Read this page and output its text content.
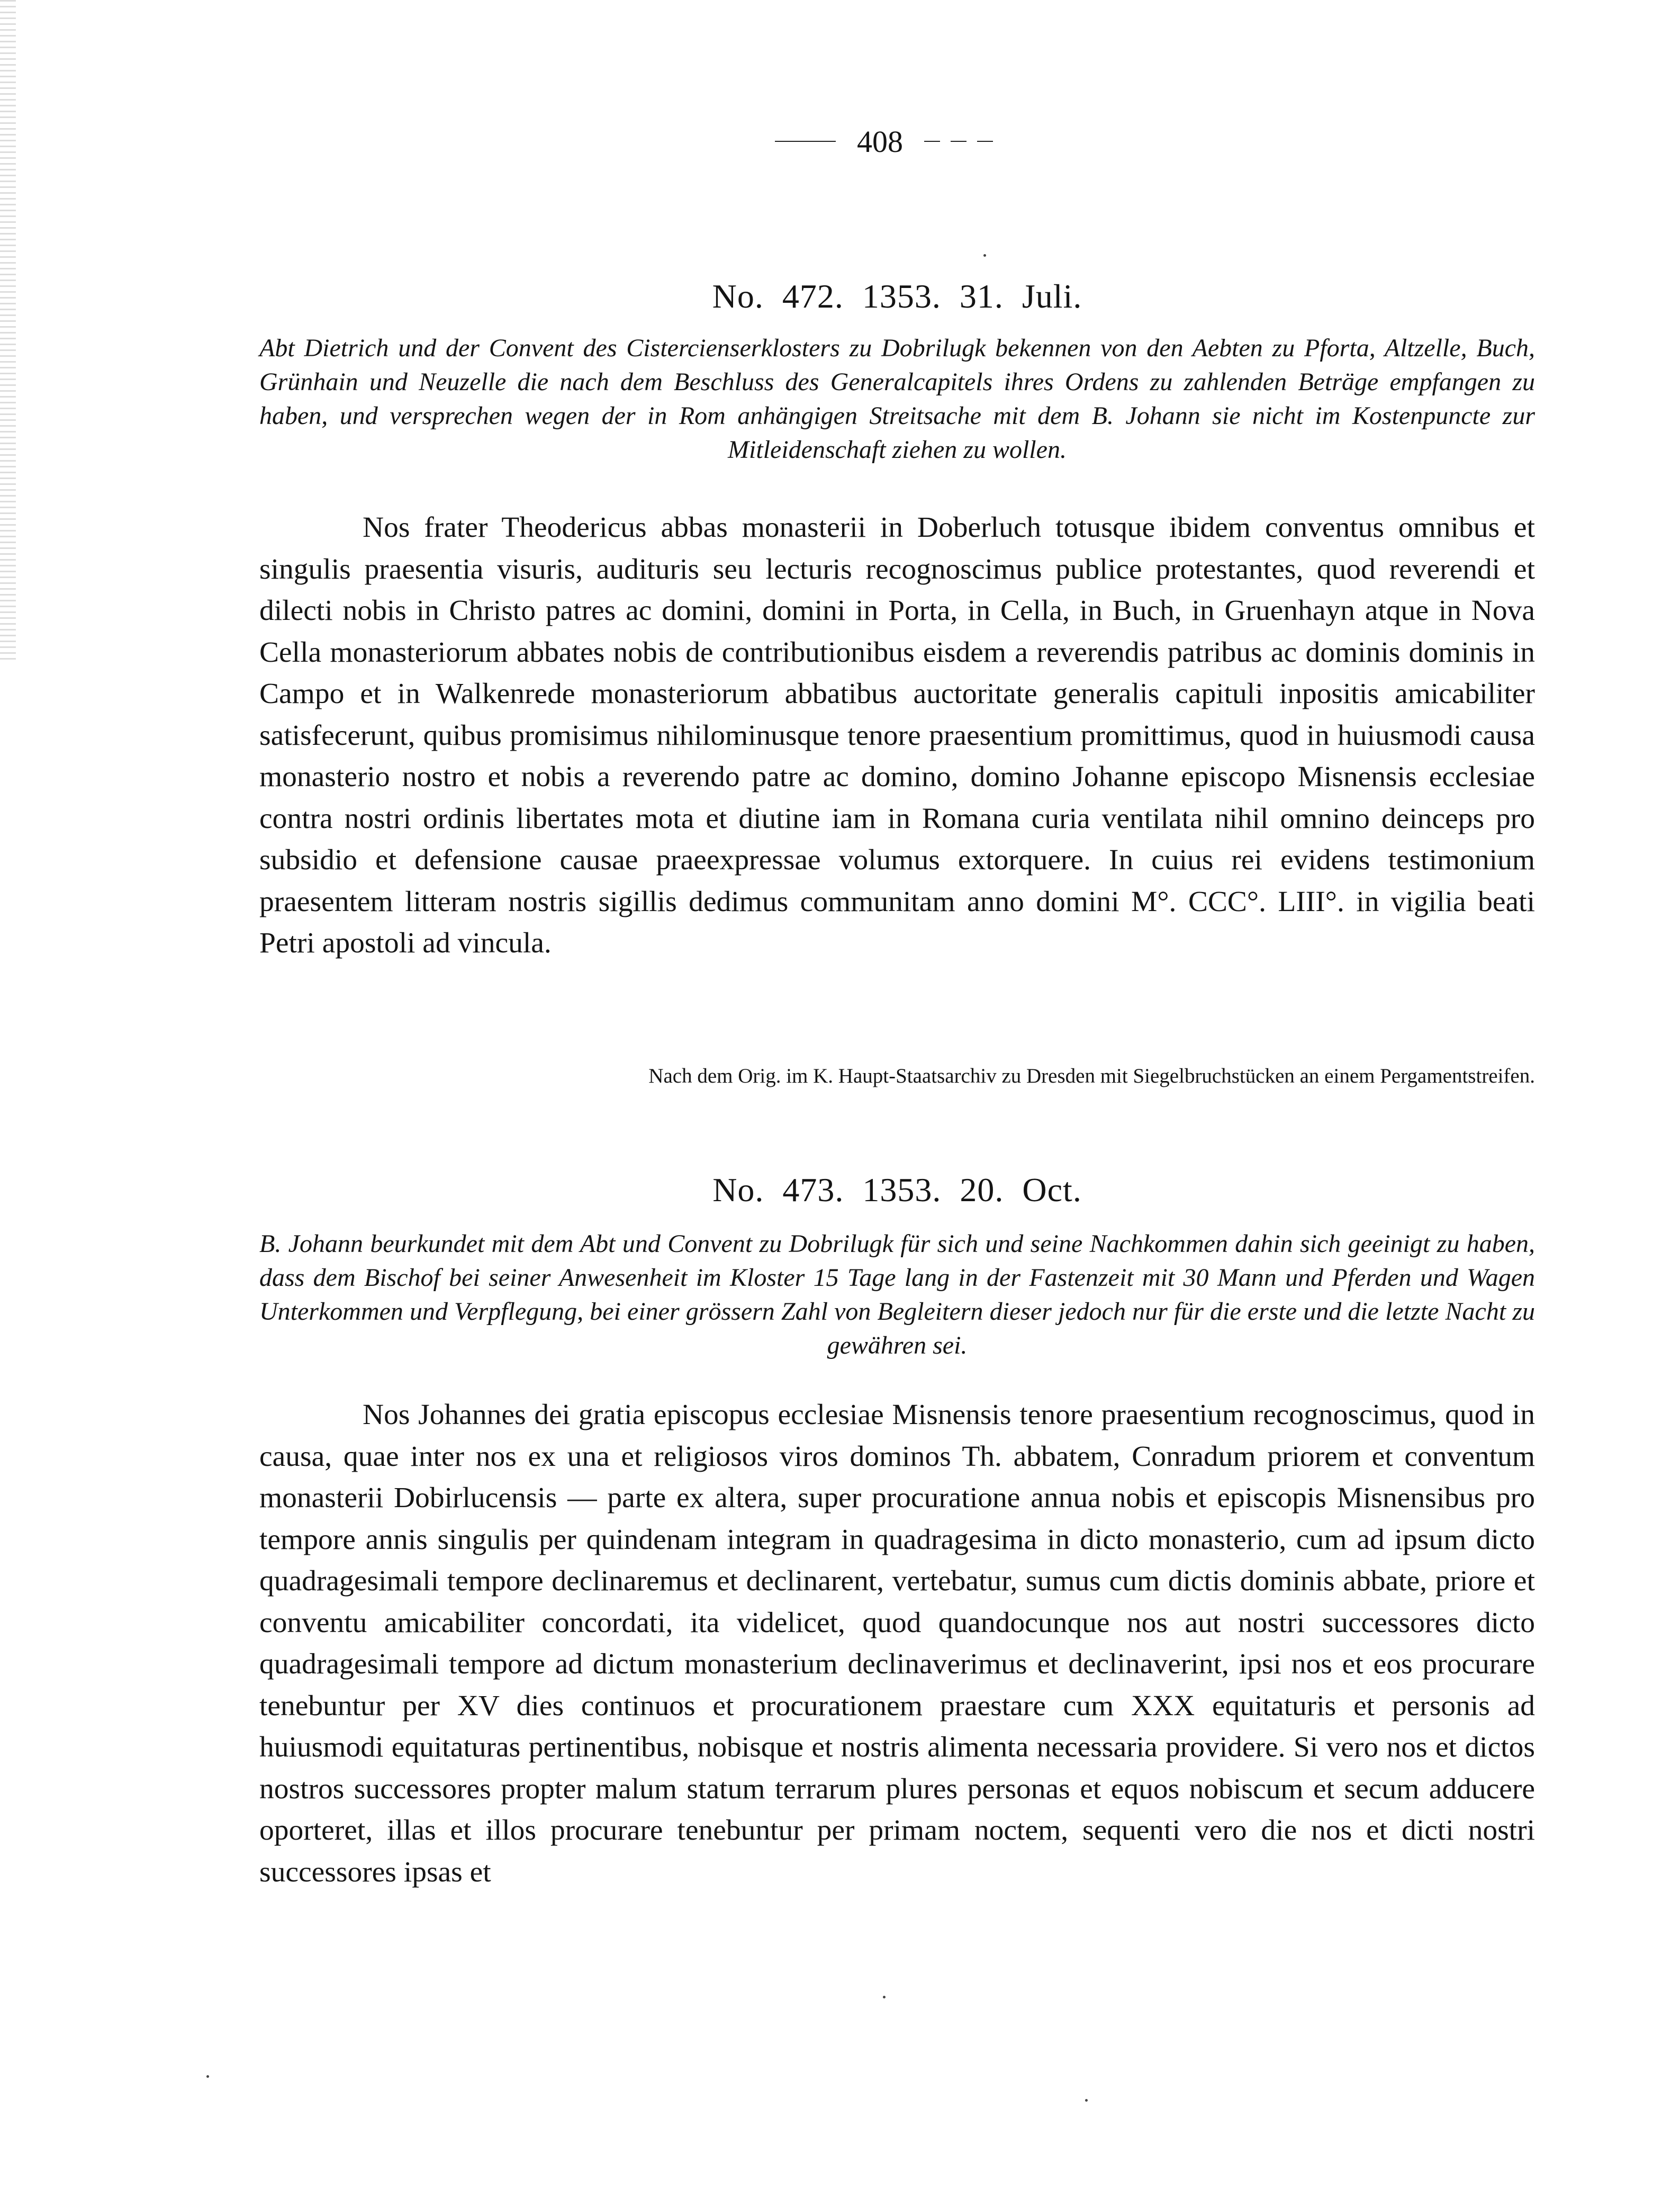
408
No. 472. 1353. 31. Juli.
Abt Dietrich und der Convent des Cistercienserklosters zu Dobrilugk bekennen von den Aebten zu Pforta, Altzelle, Buch, Grünhain und Neuzelle die nach dem Beschluss des Generalcapitels ihres Ordens zu zahlenden Beträge empfangen zu haben, und versprechen wegen der in Rom anhängigen Streitsache mit dem B. Johann sie nicht im Kostenpuncte zur Mitleidenschaft ziehen zu wollen.
Nos frater Theodericus abbas monasterii in Doberluch totusque ibidem conventus omnibus et singulis praesentia visuris, audituris seu lecturis recognoscimus publice protestantes, quod reverendi et dilecti nobis in Christo patres ac domini, domini in Porta, in Cella, in Buch, in Gruenhayn atque in Nova Cella monasteriorum abbates nobis de contributionibus eisdem a reverendis patribus ac dominis dominis in Campo et in Walkenrede monasteriorum abbatibus auctoritate generalis capituli inpositis amicabiliter satisfecerunt, quibus promisimus nihilominusque tenore praesentium promittimus, quod in huiusmodi causa monasterio nostro et nobis a reverendo patre ac domino, domino Johanne episcopo Misnensis ecclesiae contra nostri ordinis libertates mota et diutine iam in Romana curia ventilata nihil omnino deinceps pro subsidio et defensione causae praeexpressae volumus extorquere. In cuius rei evidens testimonium praesentem litteram nostris sigillis dedimus communitam anno domini M°. CCC°. LIII°. in vigilia beati Petri apostoli ad vincula.
Nach dem Orig. im K. Haupt-Staatsarchiv zu Dresden mit Siegelbruchstücken an einem Pergamentstreifen.
No. 473. 1353. 20. Oct.
B. Johann beurkundet mit dem Abt und Convent zu Dobrilugk für sich und seine Nachkommen dahin sich geeinigt zu haben, dass dem Bischof bei seiner Anwesenheit im Kloster 15 Tage lang in der Fastenzeit mit 30 Mann und Pferden und Wagen Unterkommen und Verpflegung, bei einer grössern Zahl von Begleitern dieser jedoch nur für die erste und die letzte Nacht zu gewähren sei.
Nos Johannes dei gratia episcopus ecclesiae Misnensis tenore praesentium recognoscimus, quod in causa, quae inter nos ex una et religiosos viros dominos Th. abbatem, Conradum priorem et conventum monasterii Dobirlucensis — parte ex altera, super procuratione annua nobis et episcopis Misnensibus pro tempore annis singulis per quindenam integram in quadragesima in dicto monasterio, cum ad ipsum dicto quadragesimali tempore declinaremus et declinarent, vertebatur, sumus cum dictis dominis abbate, priore et conventu amicabiliter concordati, ita videlicet, quod quandocunque nos aut nostri successores dicto quadragesimali tempore ad dictum monasterium declinaverimus et declinaverint, ipsi nos et eos procurare tenebuntur per XV dies continuos et procurationem praestare cum XXX equitaturis et personis ad huiusmodi equitaturas pertinentibus, nobisque et nostris alimenta necessaria providere. Si vero nos et dictos nostros successores propter malum statum terrarum plures personas et equos nobiscum et secum adducere oporteret, illas et illos procurare tenebuntur per primam noctem, sequenti vero die nos et dicti nostri successores ipsas et
